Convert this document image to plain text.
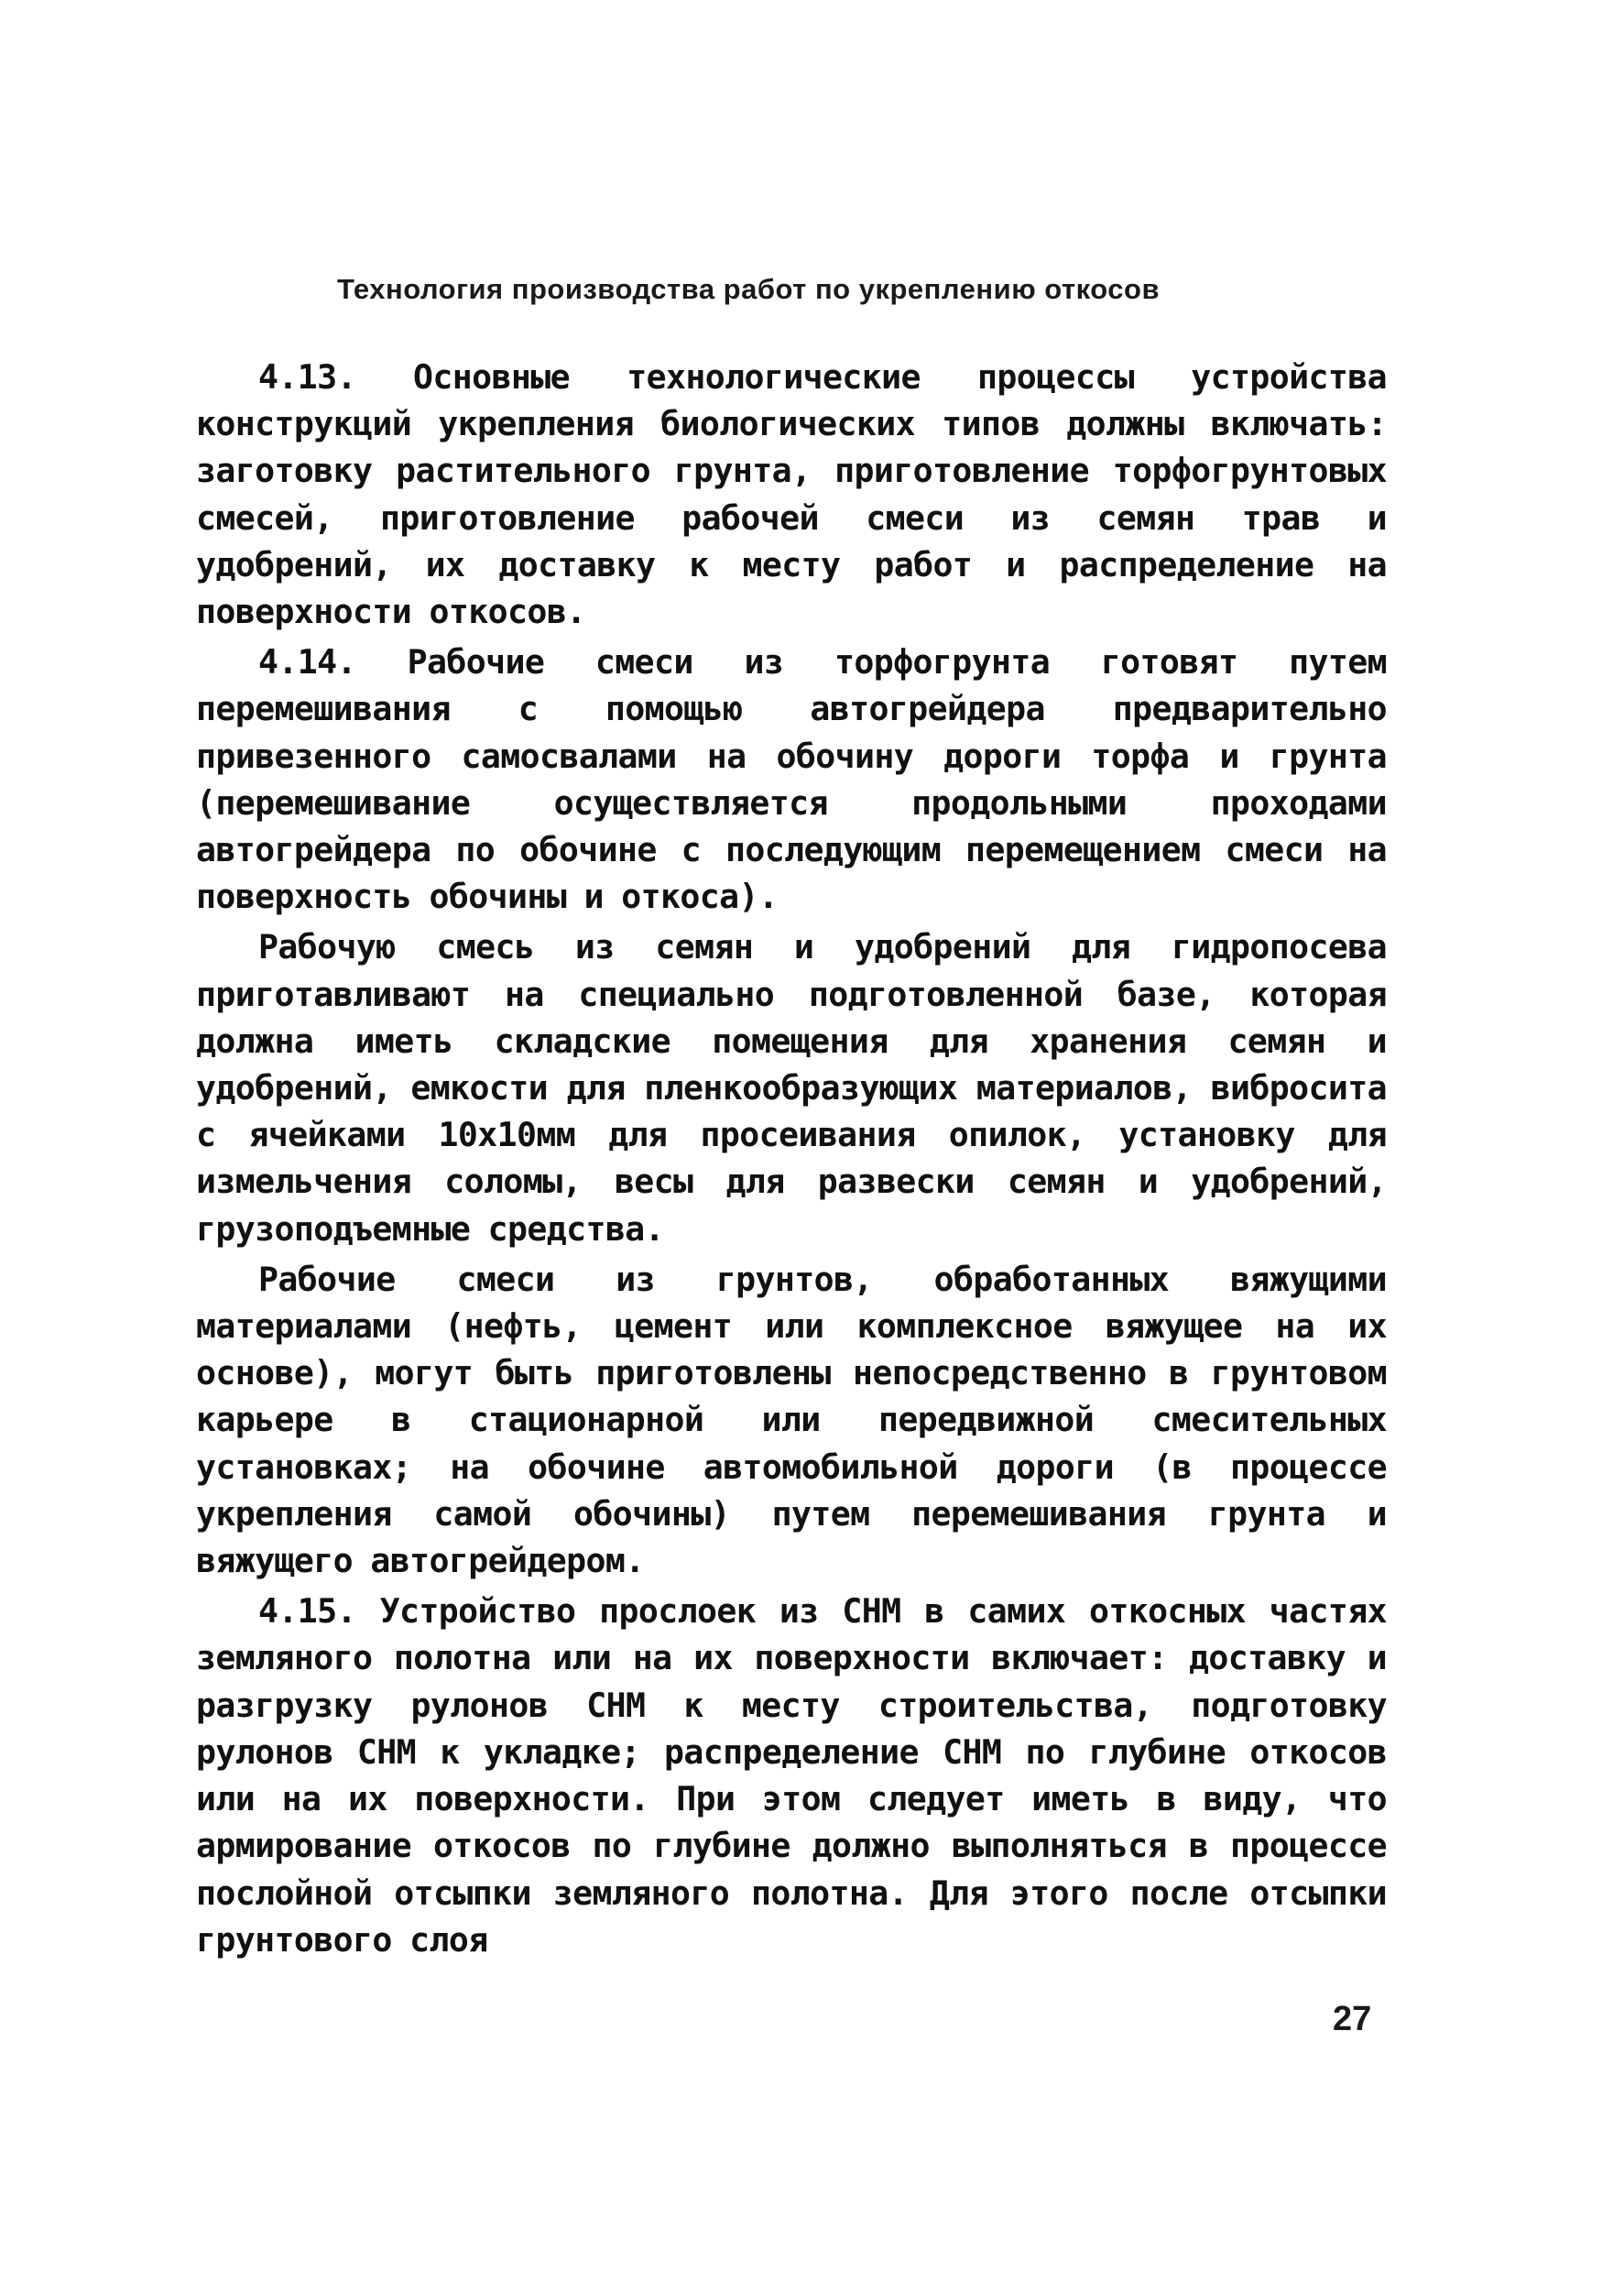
Технология производства работ по укреплению откосов

4.13. Основные технологические процессы устройства конструкций укрепления биологических типов должны включать: заготовку растительного грунта, приготовление торфогрунтовых смесей, приготовление рабочей смеси из семян трав и удобрений, их доставку к месту работ и распределение на поверхности откосов.

4.14. Рабочие смеси из торфогрунта готовят путем перемешивания с помощью автогрейдера предварительно привезенного самосвалами на обочину дороги торфа и грунта (перемешивание осуществляется продольными проходами автогрейдера по обочине с последующим перемещением смеси на поверхность обочины и откоса).

Рабочую смесь из семян и удобрений для гидропосева приготавливают на специально подготовленной базе, которая должна иметь складские помещения для хранения семян и удобрений, емкости для пленкообразующих материалов, вибросита с ячейками 10х10мм для просеивания опилок, установку для измельчения соломы, весы для развески семян и удобрений, грузоподъемные средства.

Рабочие смеси из грунтов, обработанных вяжущими материалами (нефть, цемент или комплексное вяжущее на их основе), могут быть приготовлены непосредственно в грунтовом карьере в стационарной или передвижной смесительных установках; на обочине автомобильной дороги (в процессе укрепления самой обочины) путем перемешивания грунта и вяжущего автогрейдером.

4.15. Устройство прослоек из СНМ в самих откосных частях земляного полотна или на их поверхности включает: доставку и разгрузку рулонов СНМ к месту строительства, подготовку рулонов СНМ к укладке; распределение СНМ по глубине откосов или на их поверхности. При этом следует иметь в виду, что армирование откосов по глубине должно выполняться в процессе послойной отсыпки земляного полотна. Для этого после отсыпки грунтового слоя

27
